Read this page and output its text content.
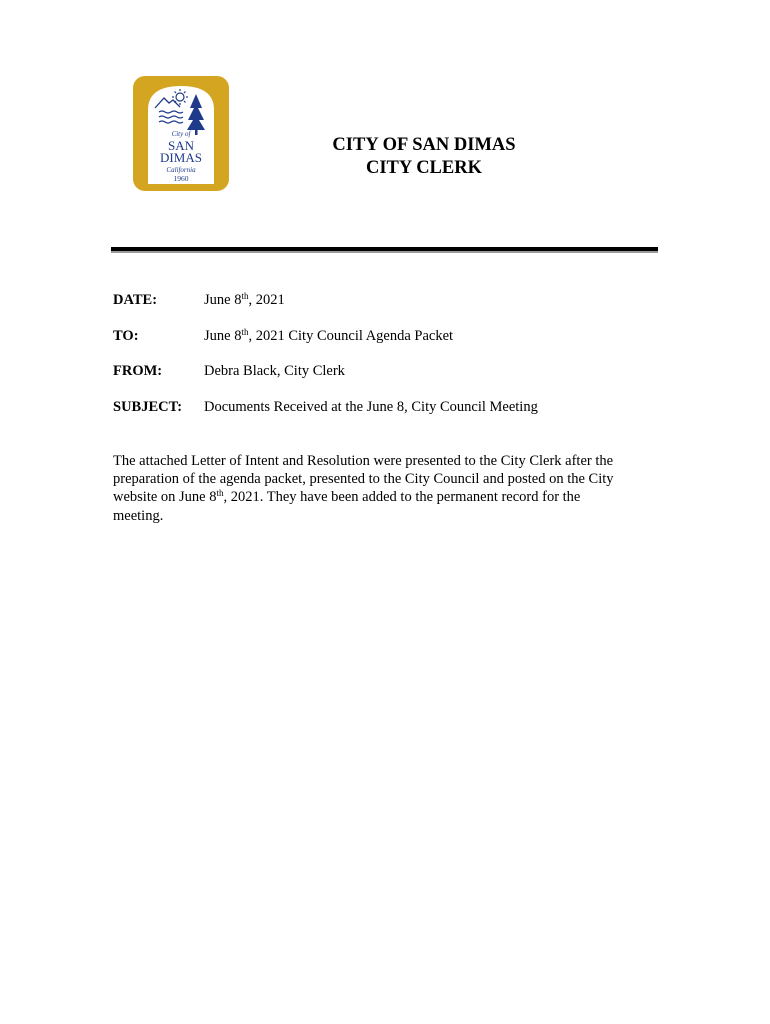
City of
SAN
DIMAS
California
1960
CITY OF SAN DIMAS
CITY CLERK
DATE:	June 8th, 2021
TO:	June 8th, 2021 City Council Agenda Packet
FROM:	Debra Black, City Clerk
SUBJECT: Documents Received at the June 8, City Council Meeting
The attached Letter of Intent and Resolution were presented to the City Clerk after the
preparation of the agenda packet, presented to the City Council and posted on the City
website on June 8th, 2021. They have been added to the permanent record for the
meeting.
